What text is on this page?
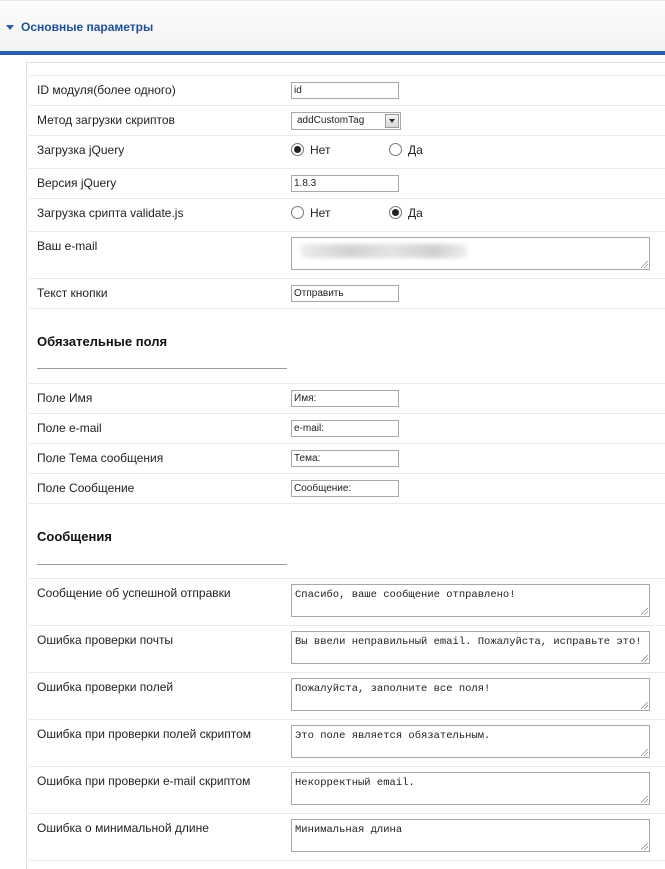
Основные параметры
ID модуля(более одного)	id
Метод загрузки скриптов	addCustomTag
Загрузка jQuery	Нет	Да
Версия jQuery	1.8.3
Загрузка срипта validate.js	Нет	Да
Ваш e-mail
Текст кнопки	Отправить
Обязательные поля
Поле Имя	Имя:
Поле e-mail	e-mail:
Поле Тема сообщения	Тема:
Поле Сообщение	Сообщение:
Сообщения
Сообщение об успешной отправки	Спасибо, ваше сообщение отправлено!
Ошибка проверки почты	Вы ввели неправильный email. Пожалуйста, исправьте это!
Ошибка проверки полей	Пожалуйста, заполните все поля!
Ошибка при проверки полей скриптом	Это поле является обязательным.
Ошибка при проверки e-mail скриптом	Некорректный email.
Ошибка о минимальной длине	Минимальная длина
